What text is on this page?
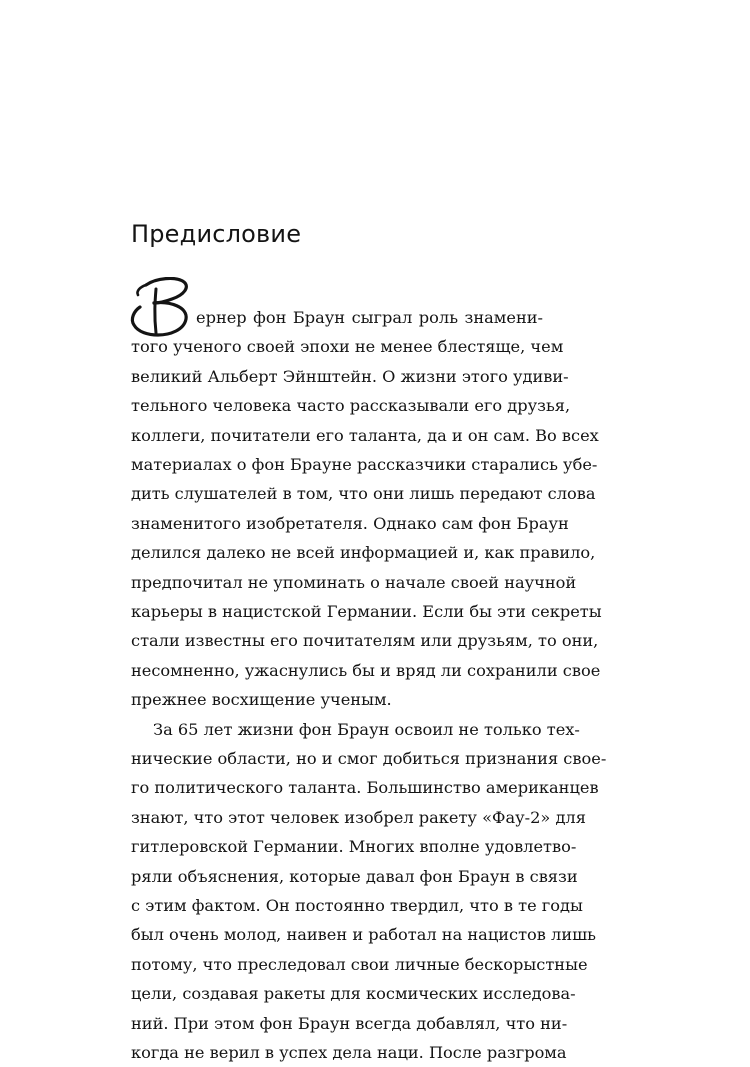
Предисловие

ернер фон Браун сыграл роль знамени-

того ученого своей эпохи не менее блестяще, чем

великий Альберт Эйнштейн. О жизни этого удиви-

тельного человека часто рассказывали его друзья,

коллеги, почитатели его таланта, да и он сам. Во всех

материалах о фон Брауне рассказчики старались убе-

дить слушателей в том, что они лишь передают слова

знаменитого изобретателя. Однако сам фон Браун

делился далеко не всей информацией и, как правило,

предпочитал не упоминать о начале своей научной

карьеры в нацистской Германии. Если бы эти секреты

стали известны его почитателям или друзьям, то они,

несомненно, ужаснулись бы и вряд ли сохранили свое

прежнее восхищение ученым.

За 65 лет жизни фон Браун освоил не только тех-

нические области, но и смог добиться признания свое-

го политического таланта. Большинство американцев

знают, что этот человек изобрел ракету «Фау-2» для

гитлеровской Германии. Многих вполне удовлетво-

ряли объяснения, которые давал фон Браун в связи

с этим фактом. Он постоянно твердил, что в те годы

был очень молод, наивен и работал на нацистов лишь

потому, что преследовал свои личные бескорыстные

цели, создавая ракеты для космических исследова-

ний. При этом фон Браун всегда добавлял, что ни-

когда не верил в успех дела наци. После разгрома
